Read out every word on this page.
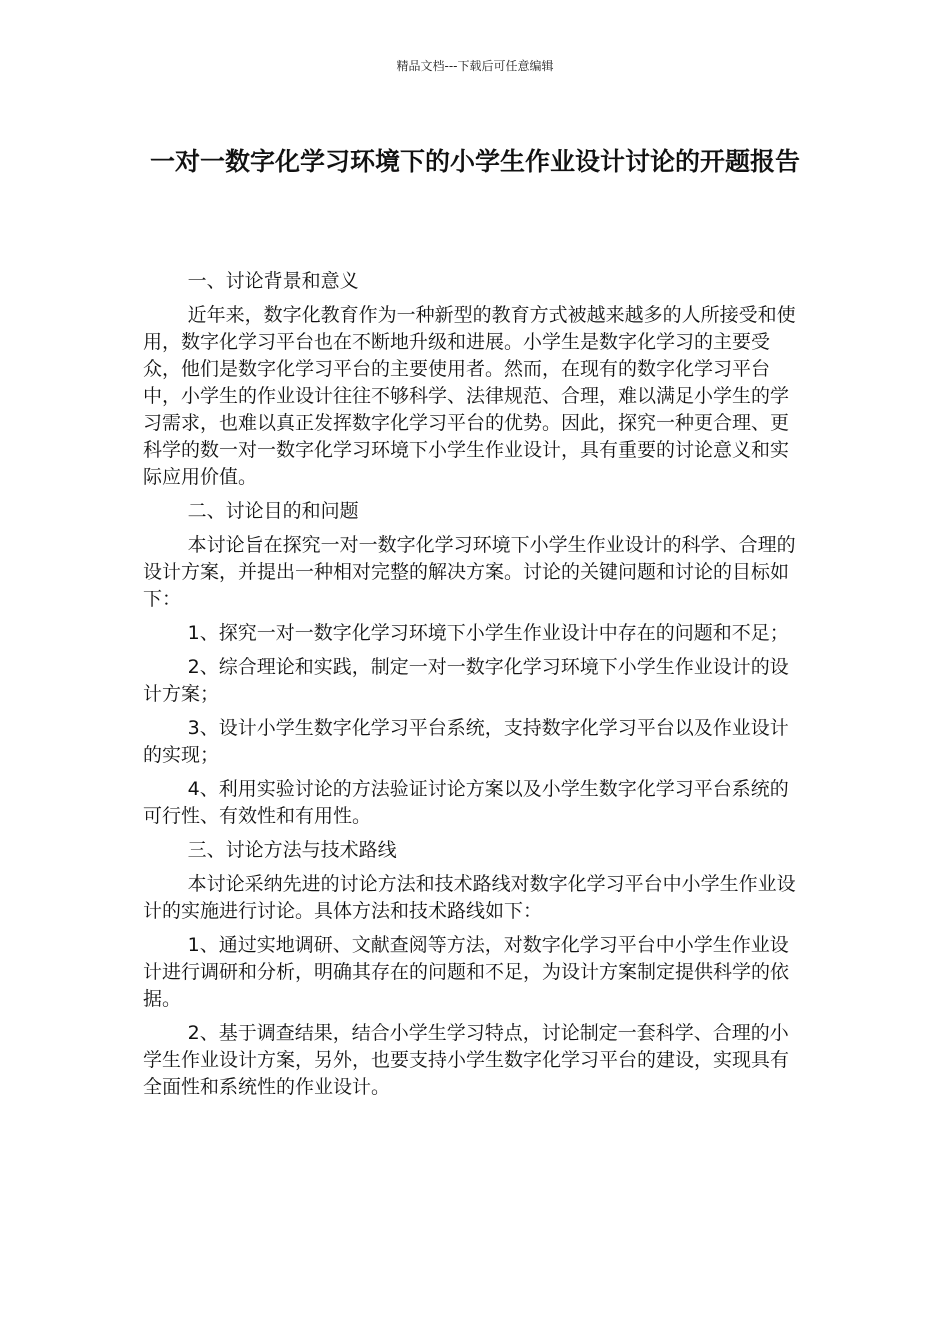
精品文档---下载后可任意编辑
一对一数字化学习环境下的小学生作业设计讨论的开题报告

一、讨论背景和意义

近年来，数字化教育作为一种新型的教育方式被越来越多的人所接受和使用，数字化学习平台也在不断地升级和进展。小学生是数字化学习的主要受众，他们是数字化学习平台的主要使用者。然而，在现有的数字化学习平台中，小学生的作业设计往往不够科学、法律规范、合理，难以满足小学生的学习需求，也难以真正发挥数字化学习平台的优势。因此，探究一种更合理、更科学的数一对一数字化学习环境下小学生作业设计，具有重要的讨论意义和实际应用价值。

二、讨论目的和问题

本讨论旨在探究一对一数字化学习环境下小学生作业设计的科学、合理的设计方案，并提出一种相对完整的解决方案。讨论的关键问题和讨论的目标如下：

1、探究一对一数字化学习环境下小学生作业设计中存在的问题和不足；

2、综合理论和实践，制定一对一数字化学习环境下小学生作业设计的设计方案；

3、设计小学生数字化学习平台系统，支持数字化学习平台以及作业设计的实现；

4、利用实验讨论的方法验证讨论方案以及小学生数字化学习平台系统的可行性、有效性和有用性。

三、讨论方法与技术路线

本讨论采纳先进的讨论方法和技术路线对数字化学习平台中小学生作业设计的实施进行讨论。具体方法和技术路线如下：

1、通过实地调研、文献查阅等方法，对数字化学习平台中小学生作业设计进行调研和分析，明确其存在的问题和不足，为设计方案制定提供科学的依据。

2、基于调查结果，结合小学生学习特点，讨论制定一套科学、合理的小学生作业设计方案，另外，也要支持小学生数字化学习平台的建设，实现具有全面性和系统性的作业设计。
